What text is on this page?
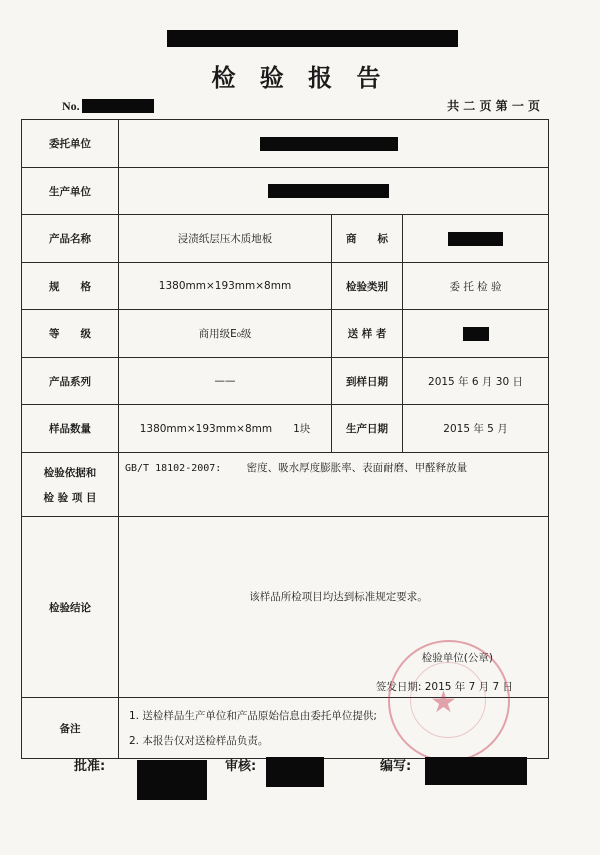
检 验 报 告
No.	共 二 页 第 一 页
委托单位			
生产单位			
产品名称	浸渍纸层压木质地板	商　　标	
规　　格	1380mm×193mm×8mm	检验类别	委 托 检 验
等　　级	商用级E₀级	送 样 者	
产品系列	——	到样日期	2015 年 6 月 30 日
样品数量	1380mm×193mm×8mm　　1块	生产日期	2015 年 5 月

检验依据和
检 验 项 目	GB/T 18102-2007: 密度、吸水厚度膨胀率、表面耐磨、甲醛释放量		
检验结论	该样品所检项目均达到标准规定要求。
检验单位(公章)
签发日期: 2015 年 7 月 7 日		

备注	1. 送检样品生产单位和产品原始信息由委托单位提供;
2. 本报告仅对送检样品负责。		
★
批准:	审核:	编写:
